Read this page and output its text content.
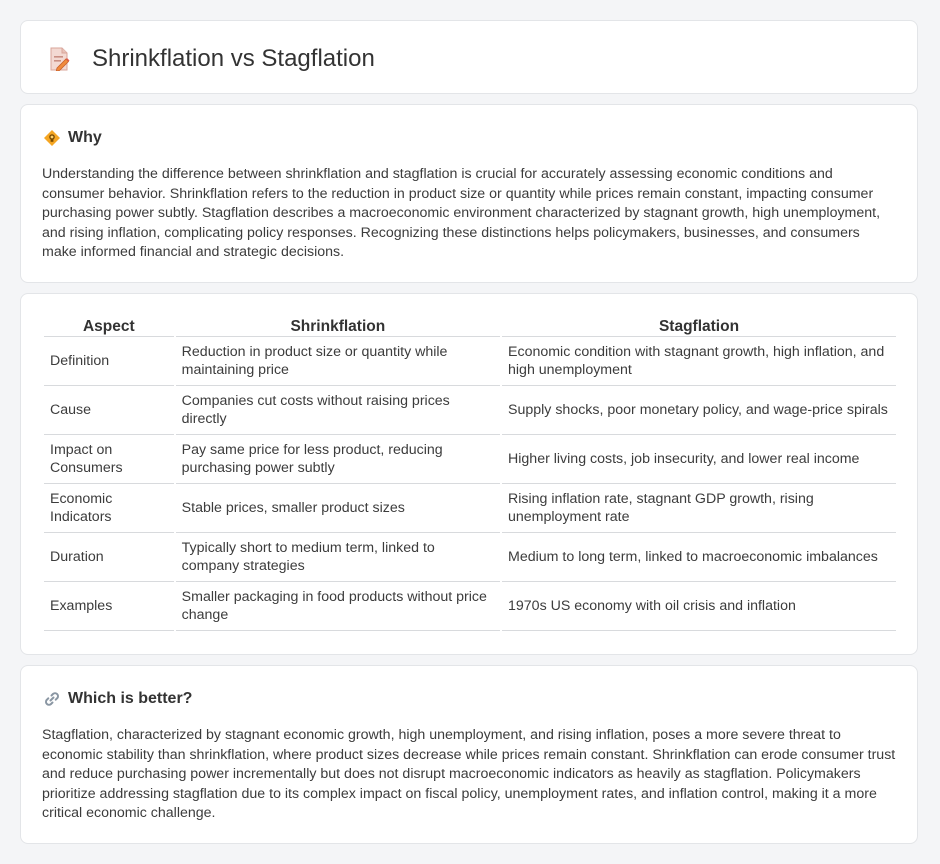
Shrinkflation vs Stagflation
Why

Understanding the difference between shrinkflation and stagflation is crucial for accurately assessing economic conditions and consumer behavior. Shrinkflation refers to the reduction in product size or quantity while prices remain constant, impacting consumer purchasing power subtly. Stagflation describes a macroeconomic environment characterized by stagnant growth, high unemployment, and rising inflation, complicating policy responses. Recognizing these distinctions helps policymakers, businesses, and consumers make informed financial and strategic decisions.

Aspect	Shrinkflation	Stagflation
Definition	Reduction in product size or quantity while maintaining price	Economic condition with stagnant growth, high inflation, and high unemployment
Cause	Companies cut costs without raising prices directly	Supply shocks, poor monetary policy, and wage-price spirals
Impact on Consumers	Pay same price for less product, reducing purchasing power subtly	Higher living costs, job insecurity, and lower real income
Economic Indicators	Stable prices, smaller product sizes	Rising inflation rate, stagnant GDP growth, rising unemployment rate
Duration	Typically short to medium term, linked to company strategies	Medium to long term, linked to macroeconomic imbalances
Examples	Smaller packaging in food products without price change	1970s US economy with oil crisis and inflation
Which is better?

Stagflation, characterized by stagnant economic growth, high unemployment, and rising inflation, poses a more severe threat to economic stability than shrinkflation, where product sizes decrease while prices remain constant. Shrinkflation can erode consumer trust and reduce purchasing power incrementally but does not disrupt macroeconomic indicators as heavily as stagflation. Policymakers prioritize addressing stagflation due to its complex impact on fiscal policy, unemployment rates, and inflation control, making it a more critical economic challenge.
